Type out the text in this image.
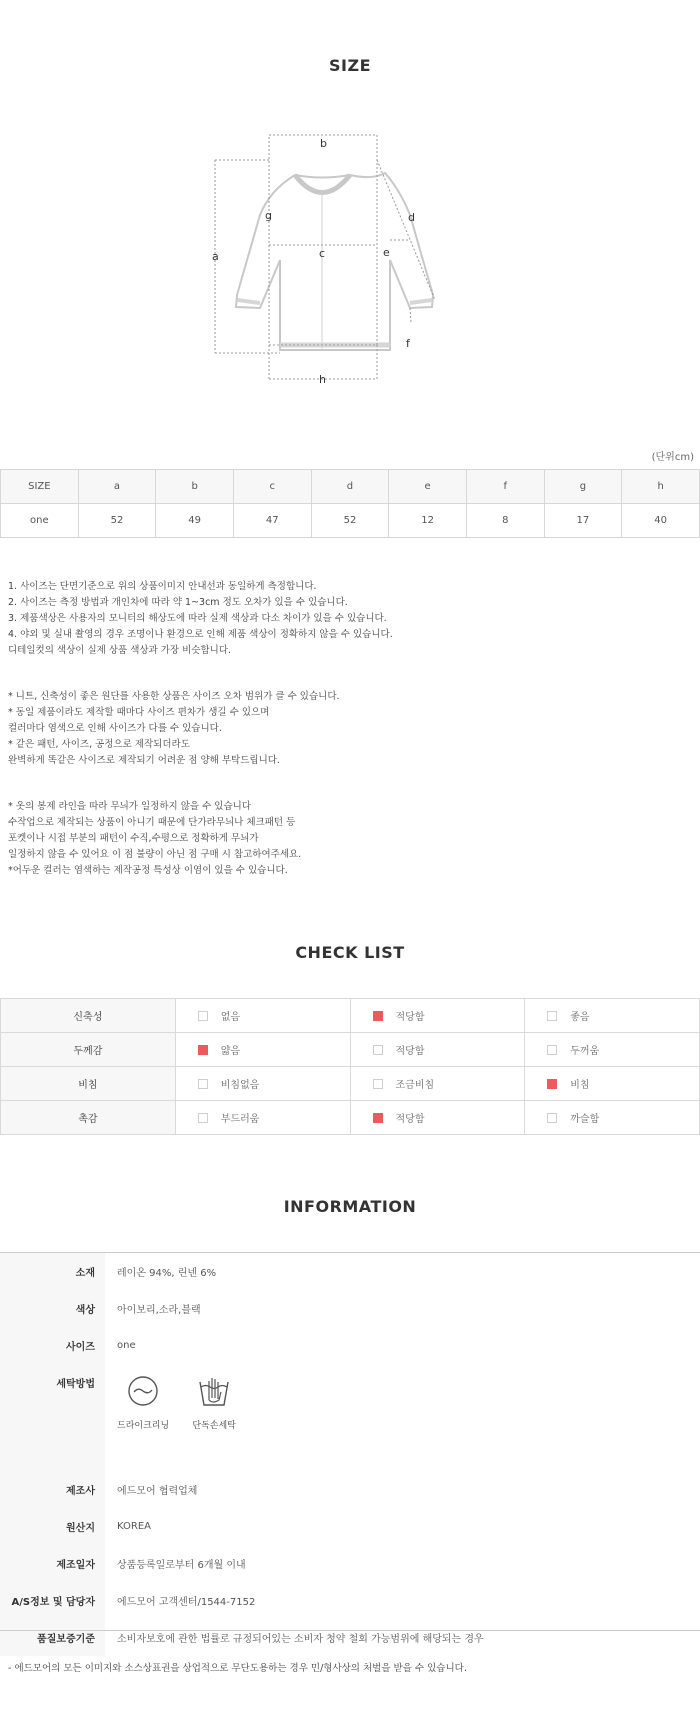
SIZE
b
a
g
c
d
e
f
h
(단위cm)
SIZE	a	b	c	d	e	f	g	h
one	52	49	47	52	12	8	17	40
1. 사이즈는 단면기준으로 위의 상품이미지 안내선과 동일하게 측정합니다.
2. 사이즈는 측정 방법과 개인차에 따라 약 1~3cm 정도 오차가 있을 수 있습니다.
3. 제품색상은 사용자의 모니터의 해상도에 따라 실제 색상과 다소 차이가 있을 수 있습니다.
4. 야외 및 실내 촬영의 경우 조명이나 환경으로 인해 제품 색상이 정확하지 않을 수 있습니다.
디테일컷의 색상이 실제 상품 색상과 가장 비슷합니다.
* 니트, 신축성이 좋은 원단를 사용한 상품은 사이즈 오차 범위가 클 수 있습니다.
* 동일 제품이라도 제작할 때마다 사이즈 편차가 생길 수 있으며
컬러마다 염색으로 인해 사이즈가 다를 수 있습니다.
* 같은 패턴, 사이즈, 공정으로 제작되더라도
완벽하게 똑같은 사이즈로 제작되기 어려운 점 양해 부탁드립니다.
* 옷의 봉제 라인을 따라 무늬가 일정하지 않을 수 있습니다
수작업으로 제작되는 상품이 아니기 때문에 단가라무늬나 체크패턴 등
포켓이나 시접 부분의 패턴이 수직,수평으로 정확하게 무늬가
일정하지 않을 수 있어요 이 점 불량이 아닌 점 구매 시 참고하여주세요.
*어두운 컬러는 염색하는 제작공정 특성상 이염이 있을 수 있습니다.
CHECK LIST
신축성	없음	적당함	좋음
두께감	얇음	적당함	두꺼움
비침	비침없음	조금비침	비침
촉감	부드러움	적당함	까슬함
INFORMATION
소재	레이온 94%, 린넨 6%
색상	아이보리,소라,블랙
사이즈	one
세탁방법	드라이크리닝 단독손세탁
제조사	에드모어 협력업체
원산지	KOREA
제조일자	상품등록일로부터 6개월 이내
A/S정보 및 담당자	에드모어 고객센터/1544-7152
품질보증기준	소비자보호에 관한 법률로 규정되어있는 소비자 청약 철회 가능범위에 해당되는 경우
- 에드모어의 모든 이미지와 소스상표권을 상업적으로 무단도용하는 경우 민/형사상의 처벌을 받을 수 있습니다.
